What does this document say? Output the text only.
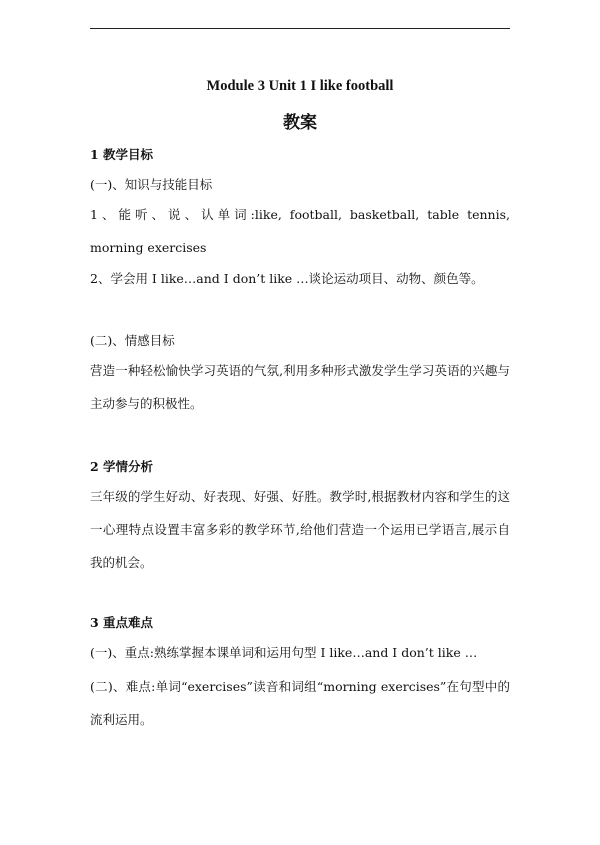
Module 3 Unit 1 I like football
教案
1 教学目标
(一)、知识与技能目标
1、能听、说、认单词:like, football, basketball, table tennis, morning exercises
2、学会用 I like…and I don’t like …谈论运动项目、动物、颜色等。
(二)、情感目标
营造一种轻松愉快学习英语的气氛,利用多种形式激发学生学习英语的兴趣与主动参与的积极性。
2 学情分析
三年级的学生好动、好表现、好强、好胜。教学时,根据教材内容和学生的这一心理特点设置丰富多彩的教学环节,给他们营造一个运用已学语言,展示自我的机会。
3 重点难点
(一)、重点:熟练掌握本课单词和运用句型 I like…and I don’t like …
(二)、难点:单词“exercises”读音和词组“morning exercises”在句型中的流利运用。
